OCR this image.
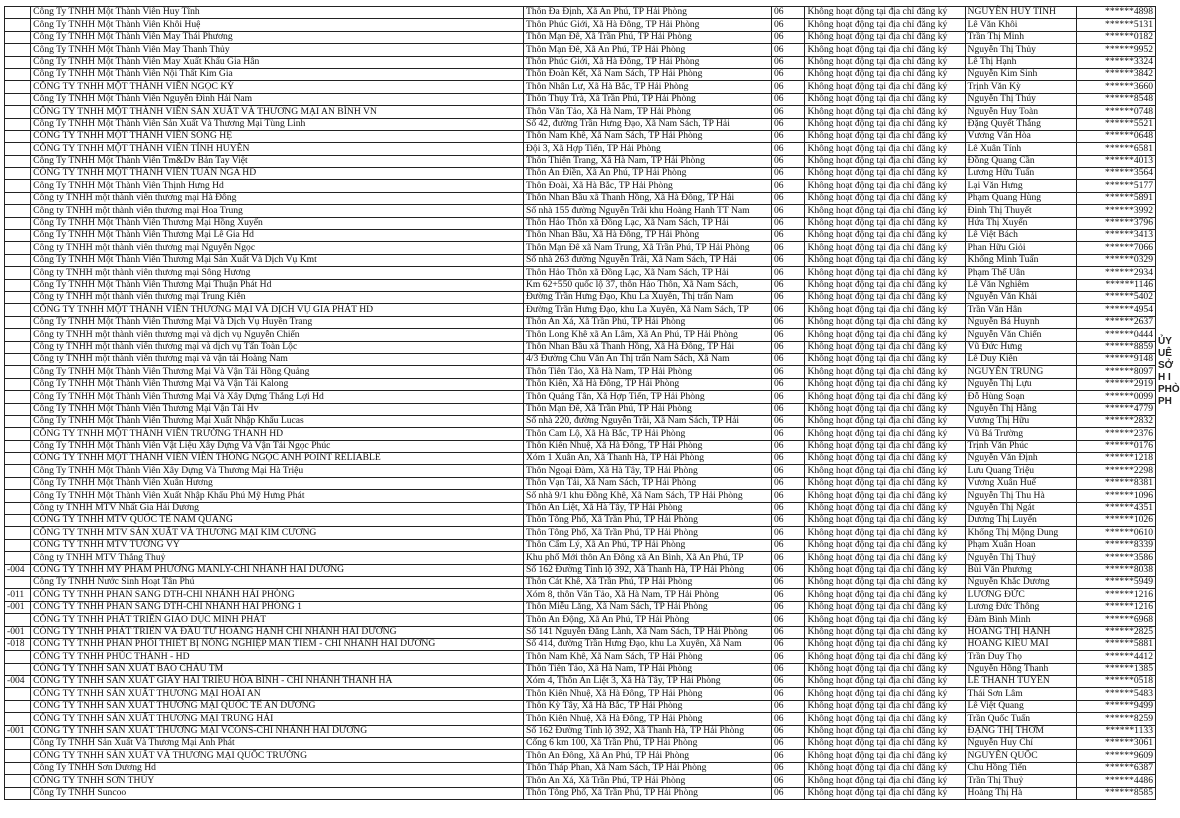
	Công Ty TNHH Một Thành Viên Huy Tĩnh	Thôn Đa Định, Xã An Phú, TP Hải Phòng	06	Không hoạt động tại địa chỉ đăng ký	NGUYỄN HUY TĨNH	******4898
	Công Ty TNHH Một Thành Viên Khôi Huệ	Thôn Phúc Giới, Xã Hà Đông, TP Hải Phòng	06	Không hoạt động tại địa chỉ đăng ký	Lê Văn Khôi	******5131
	Công Ty TNHH Một Thành Viên May Thái Phương	Thôn Mạn Đê, Xã Trần Phú, TP Hải Phòng	06	Không hoạt động tại địa chỉ đăng ký	Trần Thị Minh	******0182
	Công Ty TNHH Một Thành Viên May Thanh Thủy	Thôn Mạn Đê, Xã An Phú, TP Hải Phòng	06	Không hoạt động tại địa chỉ đăng ký	Nguyễn Thị Thủy	******9952
	Công Ty TNHH Một Thành Viên May Xuất Khẩu Gia Hân	Thôn Phúc Giới, Xã Hà Đông, TP Hải Phòng	06	Không hoạt động tại địa chỉ đăng ký	Lê Thị Hạnh	******3324
	Công Ty TNHH Một Thành Viên Nội Thất Kim Gia	Thôn Đoàn Kết, Xã Nam Sách, TP Hải Phòng	06	Không hoạt động tại địa chỉ đăng ký	Nguyễn Kim Sinh	******3842
	CÔNG TY TNHH MỘT THÀNH VIÊN NGỌC KỲ	Thôn Nhân Lư, Xã Hà Bắc, TP Hải Phòng	06	Không hoạt động tại địa chỉ đăng ký	Trịnh Văn Kỳ	******3660
	Công Ty TNHH Một Thành Viên Nguyễn Đình Hải Nam	Thôn Thụy Trà, Xã Trần Phú, TP Hải Phòng	06	Không hoạt động tại địa chỉ đăng ký	Nguyễn Thị Thúy	******8548
	CÔNG TY TNHH MỘT THÀNH VIÊN SẢN XUẤT VÀ THƯƠNG MẠI AN BÌNH VN	Thôn Văn Tảo, Xã Hà Nam, TP Hải Phòng	06	Không hoạt động tại địa chỉ đăng ký	Nguyễn Huy Toàn	******0748
	Công Ty TNHH Một Thành Viên Sản Xuất Và Thương Mại Tùng Linh	Số 42, đường Trần Hưng Đạo, Xã Nam Sách, TP Hải	06	Không hoạt động tại địa chỉ đăng ký	Đặng Quyết Thắng	******5521
	CÔNG TY TNHH MỘT THÀNH VIÊN SONG HẸ	Thôn Nam Khê, Xã Nam Sách, TP Hải Phòng	06	Không hoạt động tại địa chỉ đăng ký	Vương Văn Hòa	******0648
	CÔNG TY TNHH MỘT THÀNH VIÊN TÍNH HUYỀN	Đội 3, Xã Hợp Tiến, TP Hải Phòng	06	Không hoạt động tại địa chỉ đăng ký	Lê Xuân Tính	******6581
	Công Ty TNHH Một Thành Viên Tm&Dv Bản Tay Việt	Thôn Thiên Trang, Xã Hà Nam, TP Hải Phòng	06	Không hoạt động tại địa chỉ đăng ký	Đồng Quang Cần	******4013
	CÔNG TY TNHH MỘT THÀNH VIÊN TUẤN NGA HD	Thôn An Điền, Xã An Phú, TP Hải Phòng	06	Không hoạt động tại địa chỉ đăng ký	Lương Hữu Tuấn	******3564
	Công Ty TNHH Một Thành Viên Thịnh Hưng Hd	Thôn Đoài, Xã Hà Bắc, TP Hải Phòng	06	Không hoạt động tại địa chỉ đăng ký	Lại Văn Hưng	******5177
	Công ty TNHH một thành viên thương mại Hà Đông	Thôn Nhan Bầu xã Thanh Hồng, Xã Hà Đông, TP Hải	06	Không hoạt động tại địa chỉ đăng ký	Phạm Quang Hùng	******5891
	Công ty TNHH một thành viên thương mại Hoa Trung	Số nhà 155 đường Nguyễn Trãi khu Hoàng Hanh TT Nam	06	Không hoạt động tại địa chỉ đăng ký	Đinh Thị Thuyết	******3992
	Công Ty TNHH Một Thành Viên Thương Mại Hồng Xuyến	Thôn Hảo Thôn xã Đồng Lạc, Xã Nam Sách, TP Hải	06	Không hoạt động tại địa chỉ đăng ký	Hứa Thị Xuyến	******3796
	Công Ty TNHH Một Thành Viên Thương Mại Lê Gia Hd	Thôn Nhan Bầu, Xã Hà Đông, TP Hải Phòng	06	Không hoạt động tại địa chỉ đăng ký	Lê Việt Bách	******3413
	Công ty TNHH một thành viên thương mại Nguyễn Ngọc	Thôn Mạn Đê xã Nam Trung, Xã Trần Phú, TP Hải Phòng	06	Không hoạt động tại địa chỉ đăng ký	Phan Hữu Giỏi	******7066
	Công Ty TNHH Một Thành Viên Thương Mại Sản Xuất Và Dịch Vụ Kmt	Số nhà 263 đường Nguyễn Trãi, Xã Nam Sách, TP Hải	06	Không hoạt động tại địa chỉ đăng ký	Khổng Minh Tuấn	******0329
	Công ty TNHH một thành viên thương mại Sông Hương	Thôn Hảo Thôn xã Đồng Lạc, Xã Nam Sách, TP Hải	06	Không hoạt động tại địa chỉ đăng ký	Phạm Thế Uân	******2934
	Công Ty TNHH Một Thành Viên Thương Mại Thuận Phát Hd	Km 62+550 quốc lộ 37, thôn Hảo Thôn, Xã Nam Sách,	06	Không hoạt động tại địa chỉ đăng ký	Lê Văn Nghiêm	******1146
	Công ty TNHH một thành viên thương mại Trung Kiên	Đường Trần Hưng Đạo, Khu La Xuyên, Thị trấn Nam	06	Không hoạt động tại địa chỉ đăng ký	Nguyễn Văn Khải	******5402
	CÔNG TY TNHH MỘT THÀNH VIÊN THƯƠNG MẠI VÀ DỊCH VỤ GIA PHÁT HD	Đường Trần Hưng Đạo, khu La Xuyên, Xã Nam Sách, TP	06	Không hoạt động tại địa chỉ đăng ký	Trần Văn Hân	******4954
	Công Ty TNHH Một Thành Viên Thương Mại Và Dịch Vụ Huyền Trang	Thôn An Xá, Xã Trần Phú, TP Hải Phòng	06	Không hoạt động tại địa chỉ đăng ký	Nguyễn Bá Huynh	******2637
	Công ty TNHH một thành viên thương mại và dịch vụ Nguyễn Chiến	Thôn Long Khê xã An Lâm, Xã An Phú, TP Hải Phòng	06	Không hoạt động tại địa chỉ đăng ký	Nguyễn Văn Chiến	******0444
	Công ty TNHH một thành viên thương mại và dịch vụ Tấn Toàn Lộc	Thôn Nhan Bầu xã Thanh Hồng, Xã Hà Đông, TP Hải	06	Không hoạt động tại địa chỉ đăng ký	Vũ Đức Hưng	******8859
	Công ty TNHH một thành viên thương mại và vận tải Hoàng Nam	4/3 Đường Chu Văn An Thị trấn Nam Sách, Xã Nam	06	Không hoạt động tại địa chỉ đăng ký	Lê Duy Kiên	******9148
	Công Ty TNHH Một Thành Viên Thương Mại Và Vận Tải Hồng Quảng	Thôn Tiên Tảo, Xã Hà Nam, TP Hải Phòng	06	Không hoạt động tại địa chỉ đăng ký	NGUYỄN TRUNG	******8097
	Công Ty TNHH Một Thành Viên Thương Mại Và Vận Tải Kalong	Thôn Kiên, Xã Hà Đông, TP Hải Phòng	06	Không hoạt động tại địa chỉ đăng ký	Nguyễn Thị Lựu	******2919
	Công Ty TNHH Một Thành Viên Thương Mại Và Xây Dựng Thắng Lợi Hd	Thôn Quảng Tân, Xã Hợp Tiến, TP Hải Phòng	06	Không hoạt động tại địa chỉ đăng ký	Đỗ Hùng Soạn	******0099
	Công Ty TNHH Một Thành Viên Thương Mại Vận Tải Hv	Thôn Mạn Đê, Xã Trần Phú, TP Hải Phòng	06	Không hoạt động tại địa chỉ đăng ký	Nguyễn Thị Hằng	******4779
	Công Ty TNHH Một Thành Viên Thương Mại Xuất Nhập Khẩu Lucas	Số nhà 220, đường Nguyễn Trãi, Xã Nam Sách, TP Hải	06	Không hoạt động tại địa chỉ đăng ký	Vương Thị Hữu	******2832
	CÔNG TY TNHH MỘT THÀNH VIÊN TRƯỜNG THANH HD	Thôn Cam Lộ, Xã Hà Bắc, TP Hải Phòng	06	Không hoạt động tại địa chỉ đăng ký	Vũ Bá Trường	******2376
	Công Ty TNHH Một Thành Viên Vật Liệu Xây Dựng Và Vận Tải Ngọc Phúc	Thôn Kiên Nhuệ, Xã Hà Đông, TP Hải Phòng	06	Không hoạt động tại địa chỉ đăng ký	Trịnh Văn Phúc	******0176
	CÔNG TY TNHH MỘT THÀNH VIÊN VIỄN THÔNG NGỌC ANH POINT RELIABLE	Xóm 1 Xuân An, Xã Thanh Hà, TP Hải Phòng	06	Không hoạt động tại địa chỉ đăng ký	Nguyễn Văn Định	******1218
	Công Ty TNHH Một Thành Viên Xây Dựng Và Thương Mại Hà Triệu	Thôn Ngoại Đàm, Xã Hà Tây, TP Hải Phòng	06	Không hoạt động tại địa chỉ đăng ký	Lưu Quang Triệu	******2298
	Công Ty TNHH Một Thành Viên Xuân Hương	Thôn Vạn Tải, Xã Nam Sách, TP Hải Phòng	06	Không hoạt động tại địa chỉ đăng ký	Vương Xuân Huế	******8381
	Công Ty TNHH Một Thành Viên Xuất Nhập Khẩu Phú Mỹ Hưng Phát	Số nhà 9/1 khu Đồng Khê, Xã Nam Sách, TP Hải Phòng	06	Không hoạt động tại địa chỉ đăng ký	Nguyễn Thị Thu Hà	******1096
	Công ty TNHH MTV Nhất Gia Hải Dương	Thôn An Liệt, Xã Hà Tây, TP Hải Phòng	06	Không hoạt động tại địa chỉ đăng ký	Nguyễn Thị Ngát	******4351
	CÔNG TY TNHH MTV QUỐC TẾ NAM QUANG	Thôn Tông Phố, Xã Trần Phú, TP Hải Phòng	06	Không hoạt động tại địa chỉ đăng ký	Dương Thị Luyến	******1026
	CÔNG TY TNHH MTV SẢN XUẤT VÀ THƯƠNG MẠI KIM CƯƠNG	Thôn Tông Phố, Xã Trần Phú, TP Hải Phòng	06	Không hoạt động tại địa chỉ đăng ký	Khổng Thị Mộng Dung	******0610
	CÔNG TY TNHH MTV TƯỜNG VY	Thôn Cẩm Lý, Xã An Phú, TP Hải Phòng	06	Không hoạt động tại địa chỉ đăng ký	Phạm Xuân Hoan	******8339
	Công ty TNHH MTV Thắng Thuỷ	Khu phố Mới thôn An Đông xã An Bình, Xã An Phú, TP	06	Không hoạt động tại địa chỉ đăng ký	Nguyễn Thị Thuỷ	******3586
-004	CÔNG TY TNHH MỸ PHẨM PHƯƠNG MANLY-CHI NHÁNH HẢI DƯƠNG	Số 162 Đường Tỉnh lộ 392, Xã Thanh Hà, TP Hải Phòng	06	Không hoạt động tại địa chỉ đăng ký	Bùi Văn Phương	******8038
	Công Ty TNHH Nước Sinh Hoạt Tân Phú	Thôn Cát Khê, Xã Trần Phú, TP Hải Phòng	06	Không hoạt động tại địa chỉ đăng ký	Nguyễn Khắc Dương	******5949
-011	CÔNG TY TNHH PHAN SANG DTH-CHI NHÁNH HẢI PHÒNG	Xóm 8, thôn Văn Tảo, Xã Hà Nam, TP Hải Phòng	06	Không hoạt động tại địa chỉ đăng ký	LƯƠNG ĐỨC	******1216
-001	CÔNG TY TNHH PHAN SANG DTH-CHI NHÁNH HẢI PHÒNG 1	Thôn Miễu Lăng, Xã Nam Sách, TP Hải Phòng	06	Không hoạt động tại địa chỉ đăng ký	Lương Đức Thông	******1216
	CÔNG TY TNHH PHÁT TRIỂN GIÁO DỤC MINH PHÁT	Thôn An Động, Xã An Phú, TP Hải Phòng	06	Không hoạt động tại địa chỉ đăng ký	Đàm Bình Minh	******6968
-001	CÔNG TY TNHH PHÁT TRIỂN VÀ ĐẦU TƯ HOÀNG HẠNH CHI NHÁNH HẢI DƯƠNG	Số 141 Nguyễn Đăng Lành, Xã Nam Sách, TP Hải Phòng	06	Không hoạt động tại địa chỉ đăng ký	HOÀNG THỊ HẠNH	******2825
-018	CÔNG TY TNHH PHÂN PHỐI THIẾT BỊ NÔNG NGHIỆP MAN TIEM - CHI NHÁNH HẢI DƯƠNG	Số 414, đường Trần Hưng Đạo, khu La Xuyên, Xã Nam	06	Không hoạt động tại địa chỉ đăng ký	HOÀNG KIỀU MAI	******5881
	CÔNG TY TNHH PHÚC THÀNH - HD	Thôn Nam Khê, Xã Nam Sách, TP Hải Phòng	06	Không hoạt động tại địa chỉ đăng ký	Trần Duy Thọ	******4412
	CÔNG TY TNHH SẢN XUẤT BẢO CHÂU TM	Thôn Tiên Tảo, Xã Hà Nam, TP Hải Phòng	06	Không hoạt động tại địa chỉ đăng ký	Nguyễn Hồng Thanh	******1385
-004	CÔNG TY TNHH SẢN XUẤT GIÀY HẢI TRIỀU HÒA BÌNH - CHI NHÁNH THANH HÀ	Xóm 4, Thôn An Liệt 3, Xã Hà Tây, TP Hải Phòng	06	Không hoạt động tại địa chỉ đăng ký	LÊ THANH TUYỀN	******0518
	CÔNG TY TNHH SẢN XUẤT THƯƠNG MẠI HOÀI AN	Thôn Kiên Nhuệ, Xã Hà Đông, TP Hải Phòng	06	Không hoạt động tại địa chỉ đăng ký	Thái Sơn Lâm	******5483
	CÔNG TY TNHH SẢN XUẤT THƯƠNG MẠI QUỐC TẾ AN DƯƠNG	Thôn Kỳ Tây, Xã Hà Bắc, TP Hải Phòng	06	Không hoạt động tại địa chỉ đăng ký	Lê Việt Quang	******9499
	CÔNG TY TNHH SẢN XUẤT THƯƠNG MẠI TRUNG HẢI	Thôn Kiên Nhuệ, Xã Hà Đông, TP Hải Phòng	06	Không hoạt động tại địa chỉ đăng ký	Trần Quốc Tuấn	******8259
-001	CÔNG TY TNHH SẢN XUẤT THƯƠNG MẠI VCONS-CHI NHÁNH HẢI DƯƠNG	Số 162 Đường Tỉnh lộ 392, Xã Thanh Hà, TP Hải Phòng	06	Không hoạt động tại địa chỉ đăng ký	ĐẶNG THỊ THƠM	******1133
	Công Ty TNHH Sản Xuất Và Thương Mại Anh Phát	Cống 6 km 100, Xã Trần Phú, TP Hải Phòng	06	Không hoạt động tại địa chỉ đăng ký	Nguyễn Huy Chí	******3061
	CÔNG TY TNHH SẢN XUẤT VÀ THƯƠNG MẠI QUỐC TRƯỜNG	Thôn An Đông, Xã An Phú, TP Hải Phòng	06	Không hoạt động tại địa chỉ đăng ký	NGUYỄN QUỐC	******9609
	Công Ty TNHH Sơn Dương Hd	Thôn Tháp Phan, Xã Nam Sách, TP Hải Phòng	06	Không hoạt động tại địa chỉ đăng ký	Chu Hồng Tiến	******6387
	CÔNG TY TNHH SƠN THỦY	Thôn An Xá, Xã Trần Phú, TP Hải Phòng	06	Không hoạt động tại địa chỉ đăng ký	Trần Thị Thuỷ	******4486
	Công Ty TNHH Suncoo	Thôn Tông Phố, Xã Trần Phú, TP Hải Phòng	06	Không hoạt động tại địa chỉ đăng ký	Hoàng Thị Hà	******8585
ỦY
UÊ
SỞ
H I
PHÒ
PH
